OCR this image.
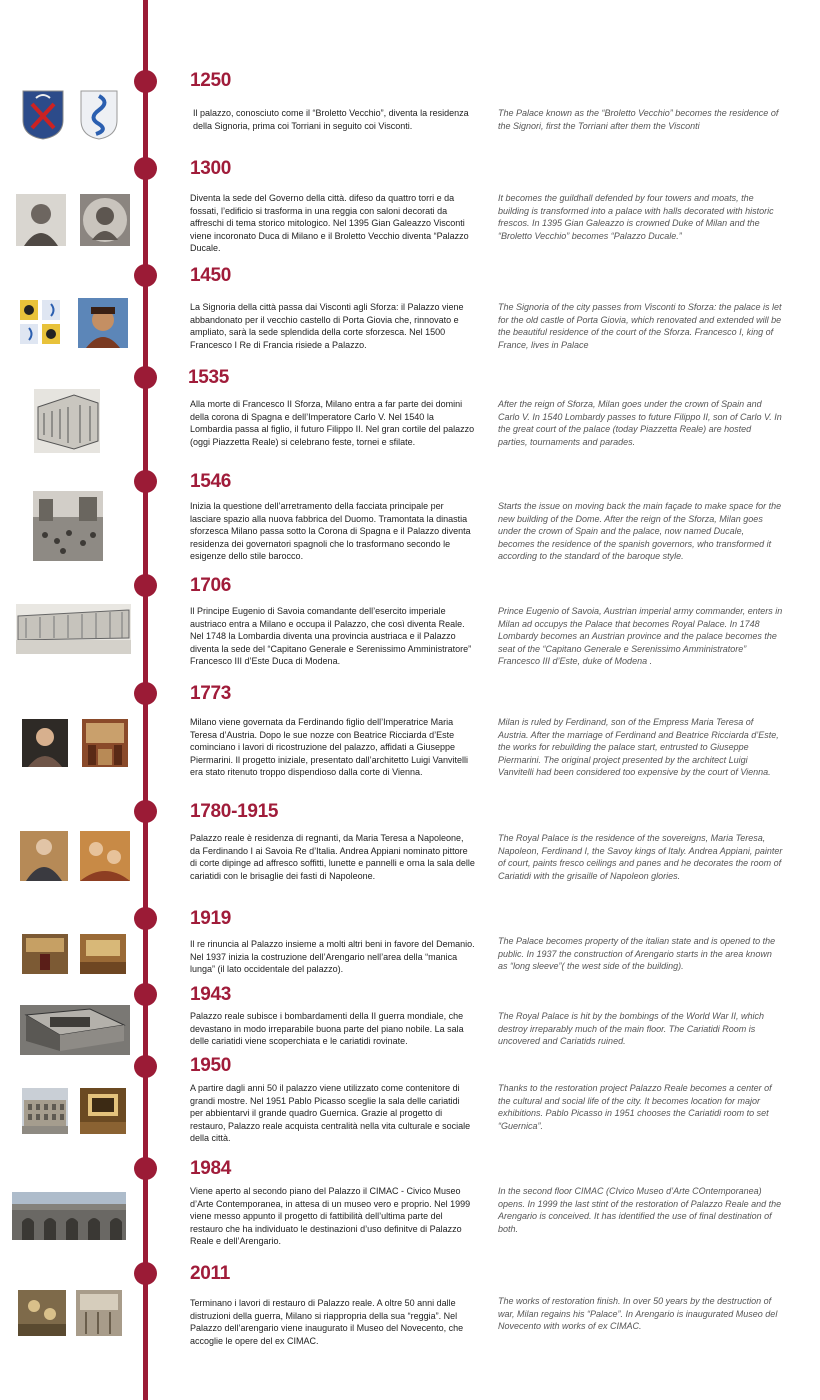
1250
Il palazzo, conosciuto come il “Broletto Vecchio”, diventa la residenza della Signoria, prima coi Torriani in seguito coi Visconti.
The Palace known as the “Broletto Vecchio” becomes the residence of the Signori, first the Torriani after them the Visconti
1300
Diventa la sede del Governo della città. difeso da quattro torri e da fossati, l’edificio si trasforma in una reggia con saloni decorati da affreschi di tema storico mitologico. Nel 1395 Gian Galeazzo Visconti viene incoronato Duca di Milano e il Broletto Vecchio diventa “Palazzo Ducale.
It becomes the guildhall defended by four towers and moats, the building is transformed into a palace with halls decorated with historic frescos. In 1395 Gian Galeazzo is crowned Duke of Milan and the “Broletto Vecchio” becomes “Palazzo Ducale.”
1450
La Signoria della città passa dai Visconti agli Sforza: il Palazzo viene abbandonato per il vecchio castello di Porta Giovia che, rinnovato e ampliato, sarà la sede splendida della corte sforzesca. Nel 1500 Francesco I Re di Francia risiede a Palazzo.
The Signoria of the city passes from Visconti to Sforza: the palace is let for the old castle of Porta Giovia, which renovated and extended will be the beautiful residence of the court of the Sforza. Francesco I, king of France, lives in Palace
1535
Alla morte di Francesco II Sforza, Milano entra a far parte dei domini della corona di Spagna e dell’Imperatore Carlo V. Nel 1540 la Lombardia passa al figlio, il futuro Filippo II. Nel gran cortile del palazzo (oggi Piazzetta Reale) si celebrano feste, tornei e sfilate.
After the reign of Sforza, Milan goes under the crown of Spain and Carlo V. In 1540 Lombardy passes to future Filippo II, son of Carlo V. In the great court of the palace (today Piazzetta Reale) are hosted parties, tournaments and parades.
1546
Inizia la questione dell’arretramento della facciata principale per lasciare spazio alla nuova fabbrica del Duomo. Tramontata la dinastia sforzesca Milano passa sotto la Corona di Spagna e il Palazzo diventa residenza dei governatori spagnoli che lo trasformano secondo le esigenze dello stile barocco.
Starts the issue on moving back the main façade to make space for the new building of the Dome. After the reign of the Sforza, Milan goes under the crown of Spain and the palace, now named Ducale, becomes the residence of the spanish governors, who transformed it according to the standard of the baroque style.
1706
Il Principe Eugenio di Savoia comandante dell’esercito imperiale austriaco entra a Milano e occupa il Palazzo, che così diventa Reale. Nel 1748 la Lombardia diventa una provincia austriaca e il Palazzo diventa la sede del “Capitano Generale e Serenissimo Amministratore” Francesco III d’Este Duca di Modena.
Prince Eugenio of Savoia, Austrian imperial army commander, enters in Milan ad occupys the Palace that becomes Royal Palace. In 1748 Lombardy becomes an Austrian province and the palace becomes the seat of the “Capitano Generale e Serenissimo Amministratore” Francesco III d’Este, duke of Modena .
1773
Milano viene governata da Ferdinando figlio dell’Imperatrice Maria Teresa d’Austria. Dopo le sue nozze con Beatrice Ricciarda d’Este cominciano i lavori di ricostruzione del palazzo, affidati a Giuseppe Piermarini. Il progetto iniziale, presentato dall’architetto Luigi Vanvitelli era stato ritenuto troppo dispendioso dalla corte di Vienna.
Milan is ruled by Ferdinand, son of the Empress Maria Teresa of Austria. After the marriage of Ferdinand and Beatrice Ricciarda d’Este, the works for rebuilding the palace start, entrusted to Giuseppe Piermarini. The original project presented by the architect Luigi Vanvitelli had been considered too expensive by the court of Vienna.
1780-1915
Palazzo reale è residenza di regnanti, da Maria Teresa a Napoleone, da Ferdinando I ai Savoia Re d’Italia. Andrea Appiani nominato pittore di corte dipinge ad affresco soffitti, lunette e pannelli e orna la sala delle cariatidi con le brisaglie dei fasti di Napoleone.
The Royal Palace is the residence of the sovereigns, Maria Teresa, Napoleon, Ferdinand I, the Savoy kings of Italy. Andrea Appiani, painter of court, paints fresco ceilings and panes and he decorates the room of Cariatidi with the grisaille of Napoleon glories.
1919
Il re rinuncia al Palazzo insieme a molti altri beni in favore del Demanio. Nel 1937 inizia la costruzione dell’Arengario nell’area della “manica lunga” (il lato occidentale del palazzo).
The Palace becomes property of the italian state and is opened to the public. In 1937 the construction of Arengario starts in the area known as “long sleeve”( the west side of the building).
1943
Palazzo reale subisce i bombardamenti della II guerra mondiale, che devastano in modo irreparabile buona parte del piano nobile. La sala delle cariatidi viene scoperchiata e le cariatidi rovinate.
The Royal Palace is hit by the bombings of the World War II, which destroy irreparably much of the main floor. The Cariatidi Room is uncovered and Cariatids ruined.
1950
A partire dagli anni 50 il palazzo viene utilizzato come contenitore di grandi mostre. Nel 1951 Pablo Picasso sceglie la sala delle cariatidi per abbientarvi il grande quadro Guernica. Grazie al progetto di restauro, Palazzo reale acquista centralità nella vita culturale e sociale della città.
Thanks to the restoration project Palazzo Reale becomes a center of the cultural and social life of the city. It becomes location for major exhibitions. Pablo Picasso in 1951 chooses the Cariatidi room to set “Guernica”.
1984
Viene aperto al secondo piano del Palazzo il CIMAC - Civico Museo d’Arte Contemporanea, in attesa di un museo vero e proprio. Nel 1999 viene messo appunto il progetto di fattibilità dell’ultima parte del restauro che ha individuato le destinazioni d’uso definitve di Palazzo Reale e dell’Arengario.
In the second floor CIMAC (CIvico Museo d’Arte COntemporanea) opens. In 1999 the last stint of the restoration of Palazzo Reale and the Arengario is conceived. It has identified the use of final destination of both.
2011
Terminano i lavori di restauro di Palazzo reale. A oltre 50 anni dalle distruzioni della guerra, Milano si riappropria della sua “reggia”. Nel Palazzo dell’arengario viene inaugurato il Museo del Novecento, che accoglie le opere del ex CIMAC.
The works of restoration finish. In over 50 years by the destruction of war, Milan regains his “Palace”. In Arengario is inaugurated Museo del Novecento with works of ex CIMAC.
